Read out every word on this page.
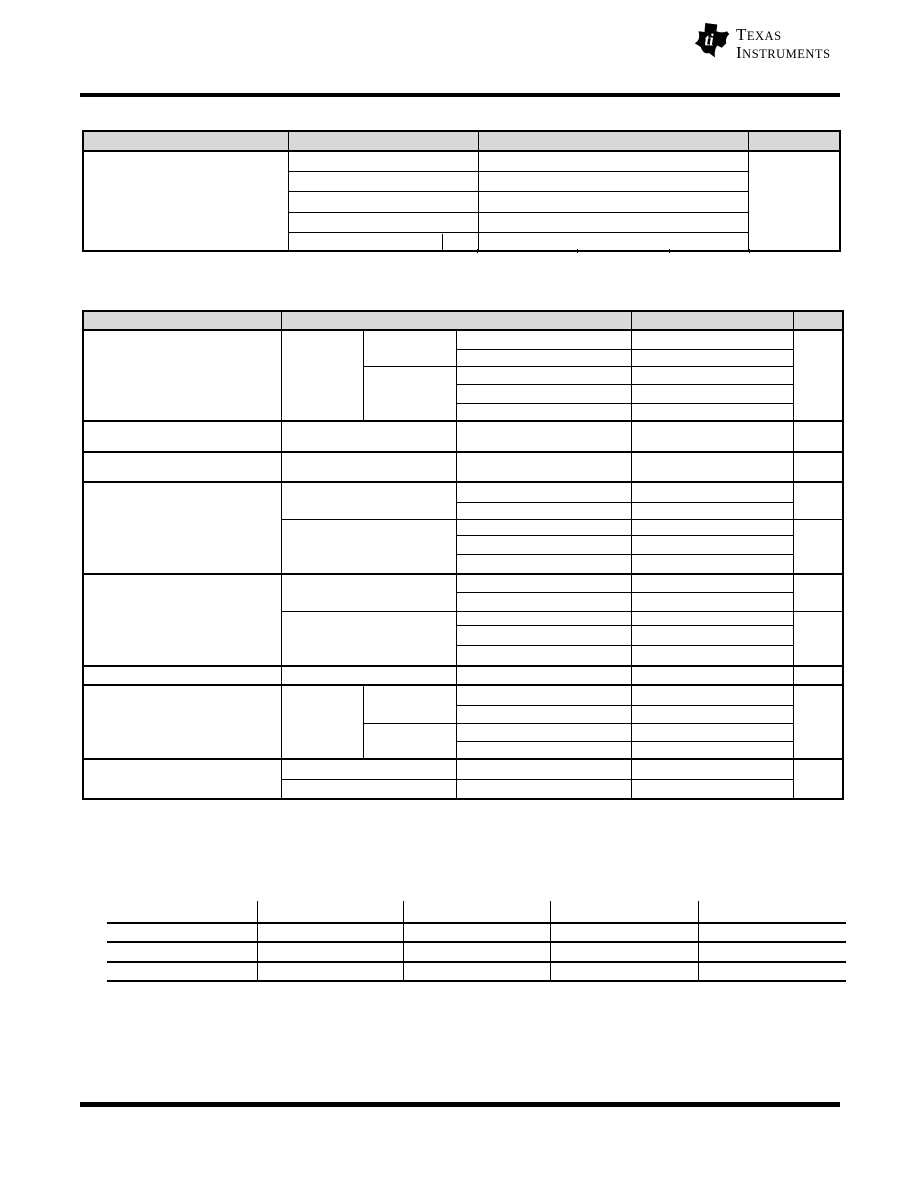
ti TEXAS INSTRUMENTS
